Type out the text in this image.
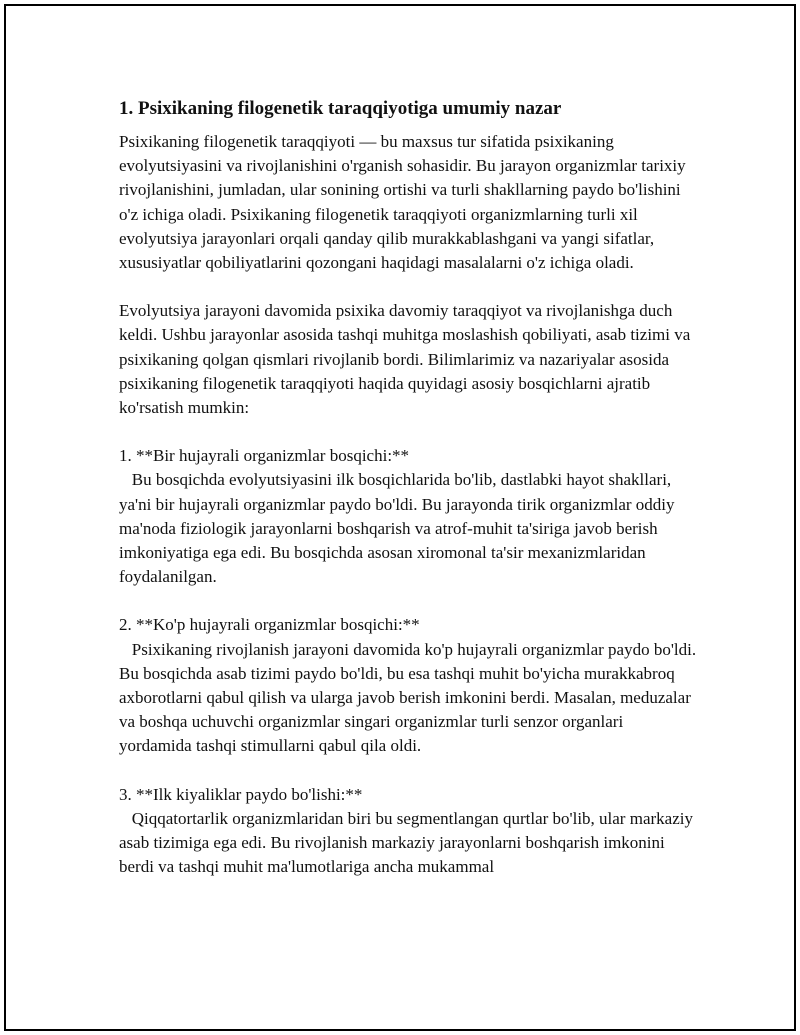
1. Psixikaning filogenetik taraqqiyotiga umumiy nazar

Psixikaning filogenetik taraqqiyoti — bu maxsus tur sifatida psixikaning evolyutsiyasini va rivojlanishini o'rganish sohasidir. Bu jarayon organizmlar tarixiy rivojlanishini, jumladan, ular sonining ortishi va turli shakllarning paydo bo'lishini o'z ichiga oladi. Psixikaning filogenetik taraqqiyoti organizmlarning turli xil evolyutsiya jarayonlari orqali qanday qilib murakkablashgani va yangi sifatlar, xususiyatlar qobiliyatlarini qozongani haqidagi masalalarni o'z ichiga oladi.

Evolyutsiya jarayoni davomida psixika davomiy taraqqiyot va rivojlanishga duch keldi. Ushbu jarayonlar asosida tashqi muhitga moslashish qobiliyati, asab tizimi va psixikaning qolgan qismlari rivojlanib bordi. Bilimlarimiz va nazariyalar asosida psixikaning filogenetik taraqqiyoti haqida quyidagi asosiy bosqichlarni ajratib ko'rsatish mumkin:

1. **Bir hujayrali organizmlar bosqichi:**

Bu bosqichda evolyutsiyasini ilk bosqichlarida bo'lib, dastlabki hayot shakllari, ya'ni bir hujayrali organizmlar paydo bo'ldi. Bu jarayonda tirik organizmlar oddiy ma'noda fiziologik jarayonlarni boshqarish va atrof-muhit ta'siriga javob berish imkoniyatiga ega edi. Bu bosqichda asosan xiromonal ta'sir mexanizmlaridan foydalanilgan.

2. **Ko'p hujayrali organizmlar bosqichi:**

Psixikaning rivojlanish jarayoni davomida ko'p hujayrali organizmlar paydo bo'ldi. Bu bosqichda asab tizimi paydo bo'ldi, bu esa tashqi muhit bo'yicha murakkabroq axborotlarni qabul qilish va ularga javob berish imkonini berdi. Masalan, meduzalar va boshqa uchuvchi organizmlar singari organizmlar turli senzor organlari yordamida tashqi stimullarni qabul qila oldi.

3. **Ilk kiyaliklar paydo bo'lishi:**

Qiqqatortarlik organizmlaridan biri bu segmentlangan qurtlar bo'lib, ular markaziy asab tizimiga ega edi. Bu rivojlanish markaziy jarayonlarni boshqarish imkonini berdi va tashqi muhit ma'lumotlariga ancha mukammal
